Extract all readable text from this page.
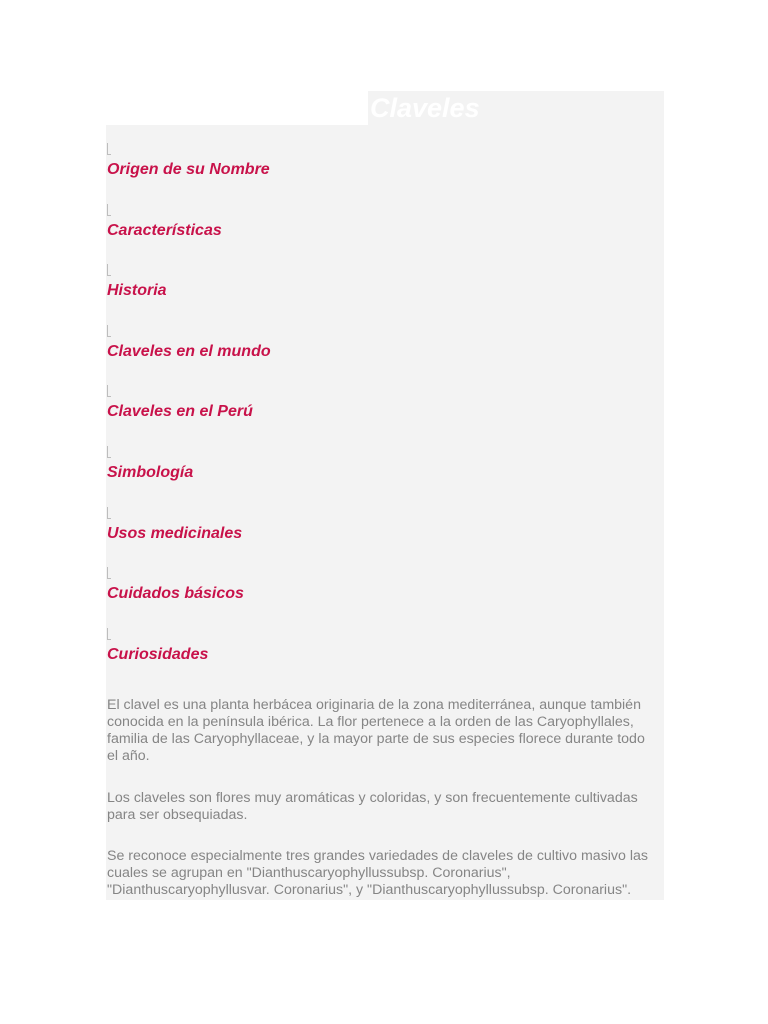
Claveles
Origen de su Nombre
Características
Historia
Claveles en el mundo
Claveles en el Perú
Simbología
Usos medicinales
Cuidados básicos
Curiosidades

El clavel es una planta herbácea originaria de la zona mediterránea, aunque también conocida en la península ibérica. La flor pertenece a la orden de las Caryophyllales, familia de las Caryophyllaceae, y la mayor parte de sus especies florece durante todo el año.

Los claveles son flores muy aromáticas y coloridas, y son frecuentemente cultivadas para ser obsequiadas.

Se reconoce especialmente tres grandes variedades de claveles de cultivo masivo las cuales se agrupan en "Dianthuscaryophyllussubsp. Coronarius", "Dianthuscaryophyllusvar. Coronarius", y "Dianthuscaryophyllussubsp. Coronarius".
